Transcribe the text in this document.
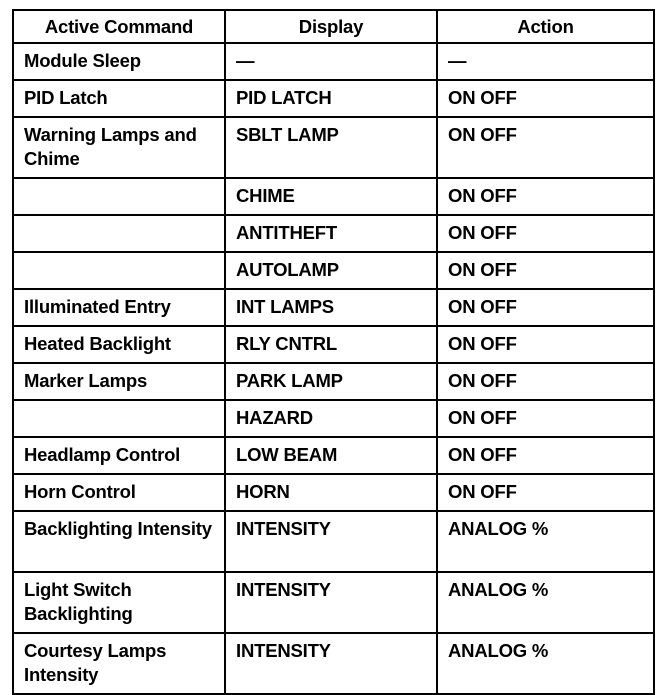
Active Command	Display	Action
Module Sleep	—	—
PID Latch	PID LATCH	ON OFF
Warning Lamps and Chime	SBLT LAMP	ON OFF
	CHIME	ON OFF
	ANTITHEFT	ON OFF
	AUTOLAMP	ON OFF
Illuminated Entry	INT LAMPS	ON OFF
Heated Backlight	RLY CNTRL	ON OFF
Marker Lamps	PARK LAMP	ON OFF
	HAZARD	ON OFF
Headlamp Control	LOW BEAM	ON OFF
Horn Control	HORN	ON OFF
Backlighting Intensity	INTENSITY	ANALOG %
Light Switch Backlighting	INTENSITY	ANALOG %
Courtesy Lamps Intensity	INTENSITY	ANALOG %
